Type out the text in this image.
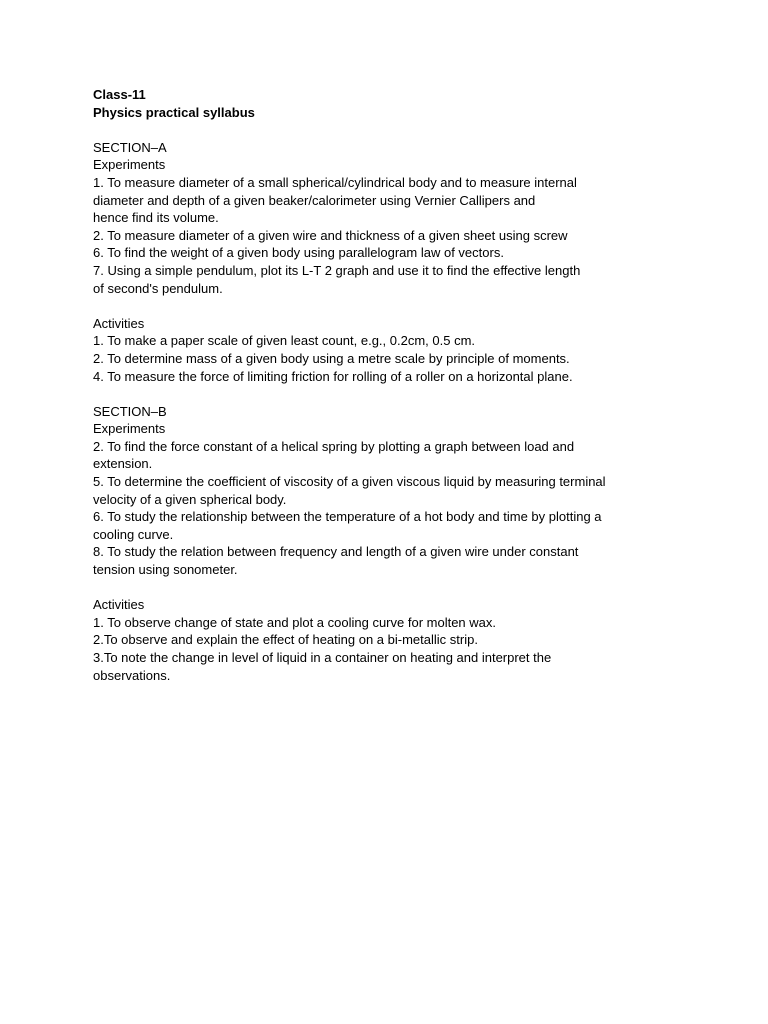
Class-11
Physics practical syllabus
SECTION–A
Experiments
1. To measure diameter of a small spherical/cylindrical body and to measure internal
diameter and depth of a given beaker/calorimeter using Vernier Callipers and
hence find its volume.
2. To measure diameter of a given wire and thickness of a given sheet using screw
6. To find the weight of a given body using parallelogram law of vectors.
7. Using a simple pendulum, plot its L-T 2 graph and use it to find the effective length
of second's pendulum.
Activities
1. To make a paper scale of given least count, e.g., 0.2cm, 0.5 cm.
2. To determine mass of a given body using a metre scale by principle of moments.
4. To measure the force of limiting friction for rolling of a roller on a horizontal plane.
SECTION–B
Experiments
2. To find the force constant of a helical spring by plotting a graph between load and
extension.
5. To determine the coefficient of viscosity of a given viscous liquid by measuring terminal
velocity of a given spherical body.
6. To study the relationship between the temperature of a hot body and time by plotting a
cooling curve.
8. To study the relation between frequency and length of a given wire under constant
tension using sonometer.
Activities
1. To observe change of state and plot a cooling curve for molten wax.
2.To observe and explain the effect of heating on a bi-metallic strip.
3.To note the change in level of liquid in a container on heating and interpret the
observations.
